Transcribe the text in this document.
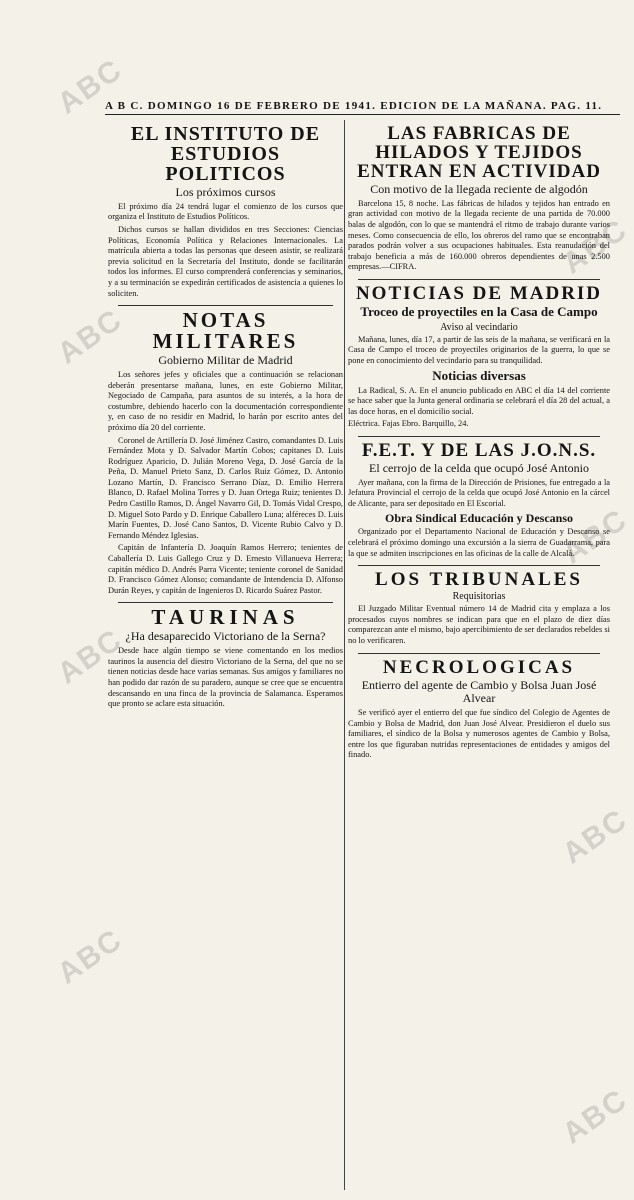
ABC
ABC
ABC
ABC
ABC
ABC
ABC
ABC
A B C. DOMINGO 16 DE FEBRERO DE 1941. EDICION DE LA MAÑANA. PAG. 11.
EL INSTITUTO DE ESTUDIOS POLITICOS
Los próximos cursos

El próximo día 24 tendrá lugar el comienzo de los cursos que organiza el Instituto de Estudios Políticos.

Dichos cursos se hallan divididos en tres Secciones: Ciencias Políticas, Economía Política y Relaciones Internacionales. La matrícula abierta a todas las personas que deseen asistir, se realizará previa solicitud en la Secretaría del Instituto, donde se facilitarán todos los informes. El curso comprenderá conferencias y seminarios, y a su terminación se expedirán certificados de asistencia a quienes lo soliciten.

NOTAS MILITARES
Gobierno Militar de Madrid

Los señores jefes y oficiales que a continuación se relacionan deberán presentarse mañana, lunes, en este Gobierno Militar, Negociado de Campaña, para asuntos de su interés, a la hora de costumbre, debiendo hacerlo con la documentación correspondiente y, en caso de no residir en Madrid, lo harán por escrito antes del próximo día 20 del corriente.

Coronel de Artillería D. José Jiménez Castro, comandantes D. Luis Fernández Mota y D. Salvador Martín Cobos; capitanes D. Luis Rodríguez Aparicio, D. Julián Moreno Vega, D. José García de la Peña, D. Manuel Prieto Sanz, D. Carlos Ruiz Gómez, D. Antonio Lozano Martín, D. Francisco Serrano Díaz, D. Emilio Herrera Blanco, D. Rafael Molina Torres y D. Juan Ortega Ruiz; tenientes D. Pedro Castillo Ramos, D. Ángel Navarro Gil, D. Tomás Vidal Crespo, D. Miguel Soto Pardo y D. Enrique Caballero Luna; alféreces D. Luis Marín Fuentes, D. José Cano Santos, D. Vicente Rubio Calvo y D. Fernando Méndez Iglesias.

Capitán de Infantería D. Joaquín Ramos Herrero; tenientes de Caballería D. Luis Gallego Cruz y D. Ernesto Villanueva Herrera; capitán médico D. Andrés Parra Vicente; teniente coronel de Sanidad D. Francisco Gómez Alonso; comandante de Intendencia D. Alfonso Durán Reyes, y capitán de Ingenieros D. Ricardo Suárez Pastor.

TAURINAS
¿Ha desaparecido Victoriano de la Serna?

Desde hace algún tiempo se viene comentando en los medios taurinos la ausencia del diestro Victoriano de la Serna, del que no se tienen noticias desde hace varias semanas. Sus amigos y familiares no han podido dar razón de su paradero, aunque se cree que se encuentra descansando en una finca de la provincia de Salamanca. Esperamos que pronto se aclare esta situación.

LAS FABRICAS DE HILADOS Y TEJIDOS ENTRAN EN ACTIVIDAD
Con motivo de la llegada reciente de algodón

Barcelona 15, 8 noche. Las fábricas de hilados y tejidos han entrado en gran actividad con motivo de la llegada reciente de una partida de 70.000 balas de algodón, con lo que se mantendrá el ritmo de trabajo durante varios meses. Como consecuencia de ello, los obreros del ramo que se encontraban parados podrán volver a sus ocupaciones habituales. Esta reanudación del trabajo beneficia a más de 160.000 obreros dependientes de unas 2.500 empresas.—CIFRA.

NOTICIAS DE MADRID
Troceo de proyectiles en la Casa de Campo
Aviso al vecindario

Mañana, lunes, día 17, a partir de las seis de la mañana, se verificará en la Casa de Campo el troceo de proyectiles originarios de la guerra, lo que se pone en conocimiento del vecindario para su tranquilidad.

Noticias diversas

La Radical, S. A. En el anuncio publicado en ABC el día 14 del corriente se hace saber que la Junta general ordinaria se celebrará el día 28 del actual, a las doce horas, en el domicilio social.

Eléctrica. Fajas Ebro. Barquillo, 24.

F.E.T. Y DE LAS J.O.N.S.
El cerrojo de la celda que ocupó José Antonio

Ayer mañana, con la firma de la Dirección de Prisiones, fue entregado a la Jefatura Provincial el cerrojo de la celda que ocupó José Antonio en la cárcel de Alicante, para ser depositado en El Escorial.

Obra Sindical Educación y Descanso

Organizado por el Departamento Nacional de Educación y Descanso se celebrará el próximo domingo una excursión a la sierra de Guadarrama, para la que se admiten inscripciones en las oficinas de la calle de Alcalá.

LOS TRIBUNALES
Requisitorias

El Juzgado Militar Eventual número 14 de Madrid cita y emplaza a los procesados cuyos nombres se indican para que en el plazo de diez días comparezcan ante el mismo, bajo apercibimiento de ser declarados rebeldes si no lo verificaren.

NECROLOGICAS
Entierro del agente de Cambio y Bolsa Juan José Alvear

Se verificó ayer el entierro del que fue síndico del Colegio de Agentes de Cambio y Bolsa de Madrid, don Juan José Alvear. Presidieron el duelo sus familiares, el síndico de la Bolsa y numerosos agentes de Cambio y Bolsa, entre los que figuraban nutridas representaciones de entidades y amigos del finado.
